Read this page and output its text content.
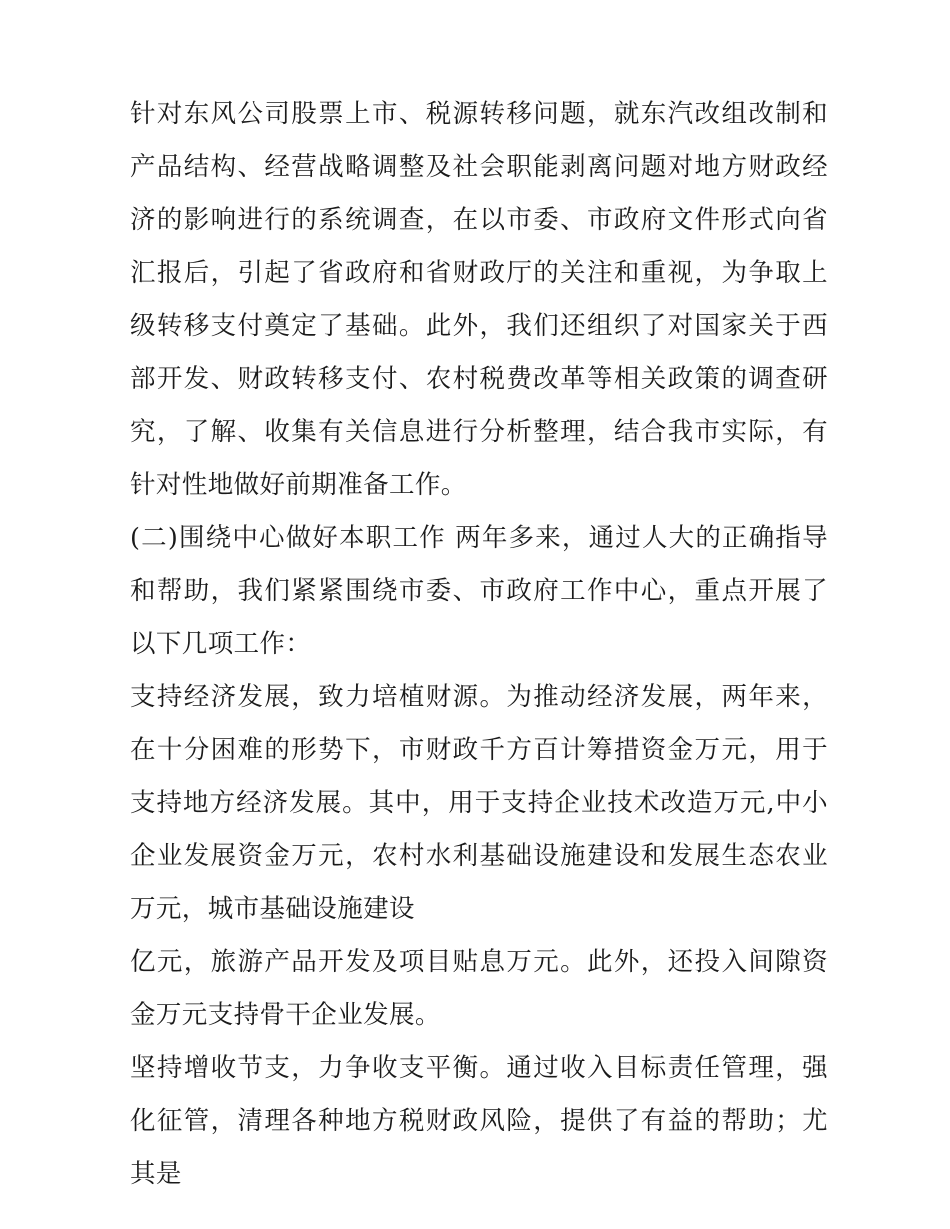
针对东风公司股票上市、税源转移问题，就东汽改组改制和产品结构、经营战略调整及社会职能剥离问题对地方财政经济的影响进行的系统调查，在以市委、市政府文件形式向省汇报后，引起了省政府和省财政厅的关注和重视，为争取上级转移支付奠定了基础。此外，我们还组织了对国家关于西部开发、财政转移支付、农村税费改革等相关政策的调查研究，了解、收集有关信息进行分析整理，结合我市实际，有针对性地做好前期准备工作。

(二)围绕中心做好本职工作 两年多来，通过人大的正确指导和帮助，我们紧紧围绕市委、市政府工作中心，重点开展了以下几项工作：

支持经济发展，致力培植财源。为推动经济发展，两年来，在十分困难的形势下，市财政千方百计筹措资金万元，用于支持地方经济发展。其中，用于支持企业技术改造万元,中小企业发展资金万元，农村水利基础设施建设和发展生态农业万元，城市基础设施建设

亿元，旅游产品开发及项目贴息万元。此外，还投入间隙资金万元支持骨干企业发展。

坚持增收节支，力争收支平衡。通过收入目标责任管理，强化征管，清理各种地方税财政风险，提供了有益的帮助；尤其是
